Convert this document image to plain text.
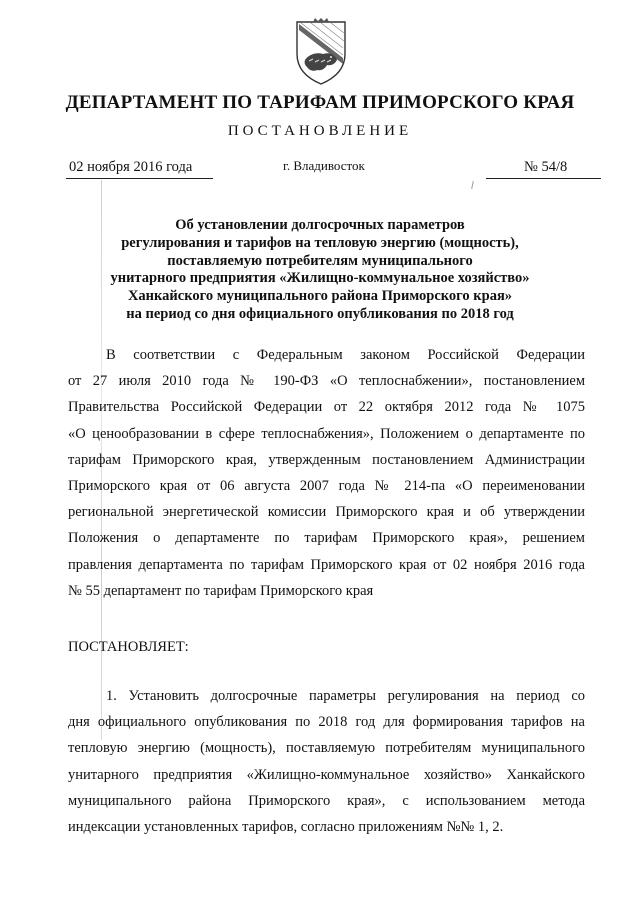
ДЕПАРТАМЕНТ ПО ТАРИФАМ ПРИМОРСКОГО КРАЯ
ПОСТАНОВЛЕНИЕ
02 ноября 2016 года	г. Владивосток	№ 54/8
Об установлении долгосрочных параметров
регулирования и тарифов на тепловую энергию (мощность),
поставляемую потребителям муниципального
унитарного предприятия «Жилищно-коммунальное хозяйство»
Ханкайского муниципального района Приморского края»
на период со дня официального опубликования по 2018 год
В соответствии с Федеральным законом Российской Федерации
от 27 июля 2010 года № 190-ФЗ «О теплоснабжении», постановлением
Правительства Российской Федерации от 22 октября 2012 года № 1075
«О ценообразовании в сфере теплоснабжения», Положением о департаменте по
тарифам Приморского края, утвержденным постановлением Администрации
Приморского края от 06 августа 2007 года № 214-па «О переименовании
региональной энергетической комиссии Приморского края и об утверждении
Положения о департаменте по тарифам Приморского края», решением
правления департамента по тарифам Приморского края от 02 ноября 2016 года
№ 55 департамент по тарифам Приморского края
ПОСТАНОВЛЯЕТ:
1. Установить долгосрочные параметры регулирования на период со
дня официального опубликования по 2018 год для формирования тарифов на
тепловую энергию (мощность), поставляемую потребителям муниципального
унитарного предприятия «Жилищно-коммунальное хозяйство» Ханкайского
муниципального района Приморского края», с использованием метода
индексации установленных тарифов, согласно приложениям №№ 1, 2.
